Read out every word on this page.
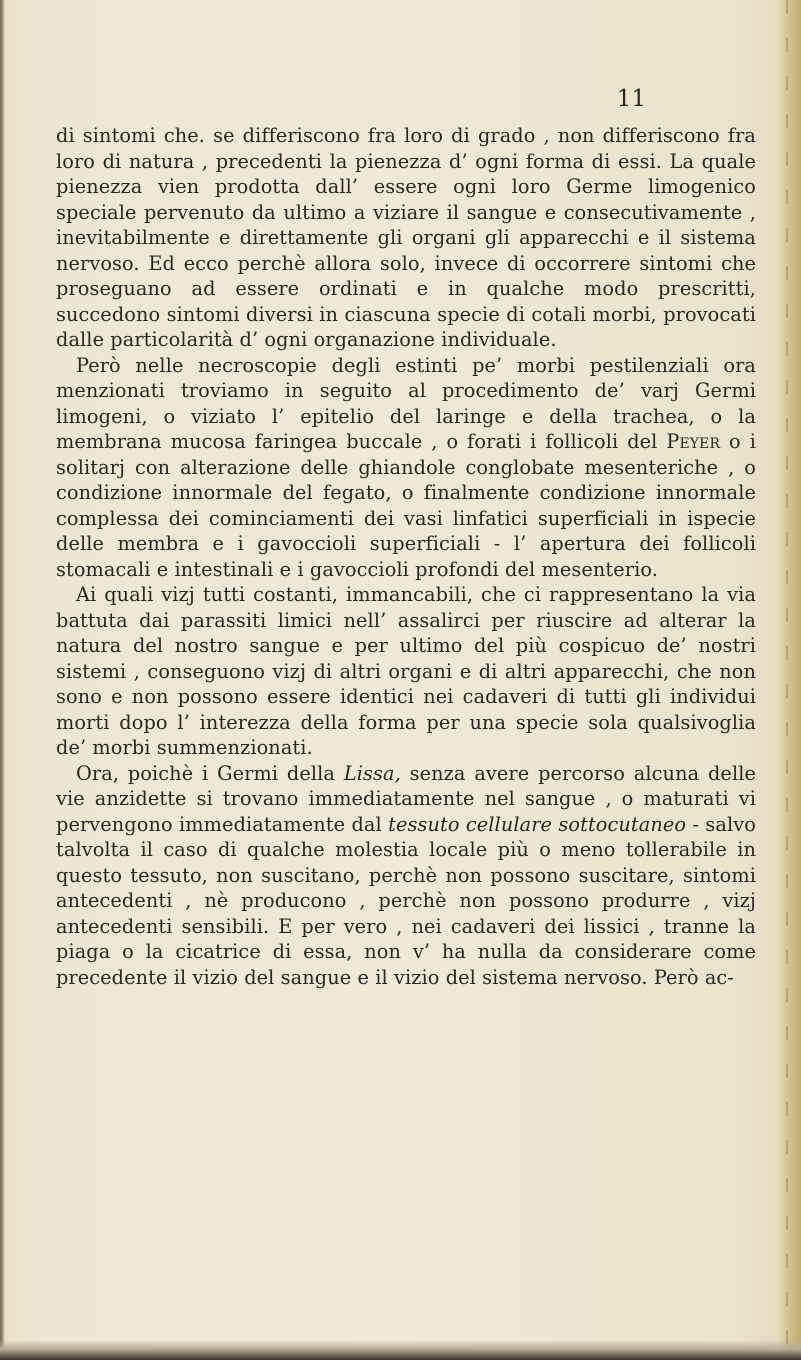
11

di sintomi che. se differiscono fra loro di grado , non differiscono fra loro di natura , precedenti la pienezza d’ ogni forma di essi. La quale pienezza vien prodotta dall’ essere ogni loro Germe limogenico speciale pervenuto da ultimo a viziare il sangue e consecutivamente , inevitabilmente e direttamente gli organi gli apparecchi e il sistema nervoso. Ed ecco perchè allora solo, invece di occorrere sintomi che proseguano ad essere ordinati e in qualche modo prescritti, succedono sintomi diversi in ciascuna specie di cotali morbi, provocati dalle particolarità d’ ogni organazione individuale.

Però nelle necroscopie degli estinti pe’ morbi pestilenziali ora menzionati troviamo in seguito al procedimento de’ varj Germi limogeni, o viziato l’ epitelio del laringe e della trachea, o la membrana mucosa faringea buccale , o forati i follicoli del Peyer o i solitarj con alterazione delle ghiandole conglobate mesenteriche , o condizione innormale del fegato, o finalmente condizione innormale complessa dei cominciamenti dei vasi linfatici superficiali in ispecie delle membra e i gavoccioli superficiali - l’ apertura dei follicoli stomacali e intestinali e i gavoccioli profondi del mesenterio.

Ai quali vizj tutti costanti, immancabili, che ci rappresentano la via battuta dai parassiti limici nell’ assalirci per riuscire ad alterar la natura del nostro sangue e per ultimo del più cospicuo de’ nostri sistemi , conseguono vizj di altri organi e di altri apparecchi, che non sono e non possono essere identici nei cadaveri di tutti gli individui morti dopo l’ interezza della forma per una specie sola qualsivoglia de’ morbi summenzionati.

Ora, poichè i Germi della Lissa, senza avere percorso alcuna delle vie anzidette si trovano immediatamente nel sangue , o maturati vi pervengono immediatamente dal tessuto cellulare sottocutaneo - salvo talvolta il caso di qualche molestia locale più o meno tollerabile in questo tessuto, non suscitano, perchè non possono suscitare, sintomi antecedenti , nè producono , perchè non possono produrre , vizj antecedenti sensibili. E per vero , nei cadaveri dei lissici , tranne la piaga o la cicatrice di essa, non v’ ha nulla da considerare come precedente il vizio del sangue e il vizio del sistema nervoso. Però ac-
